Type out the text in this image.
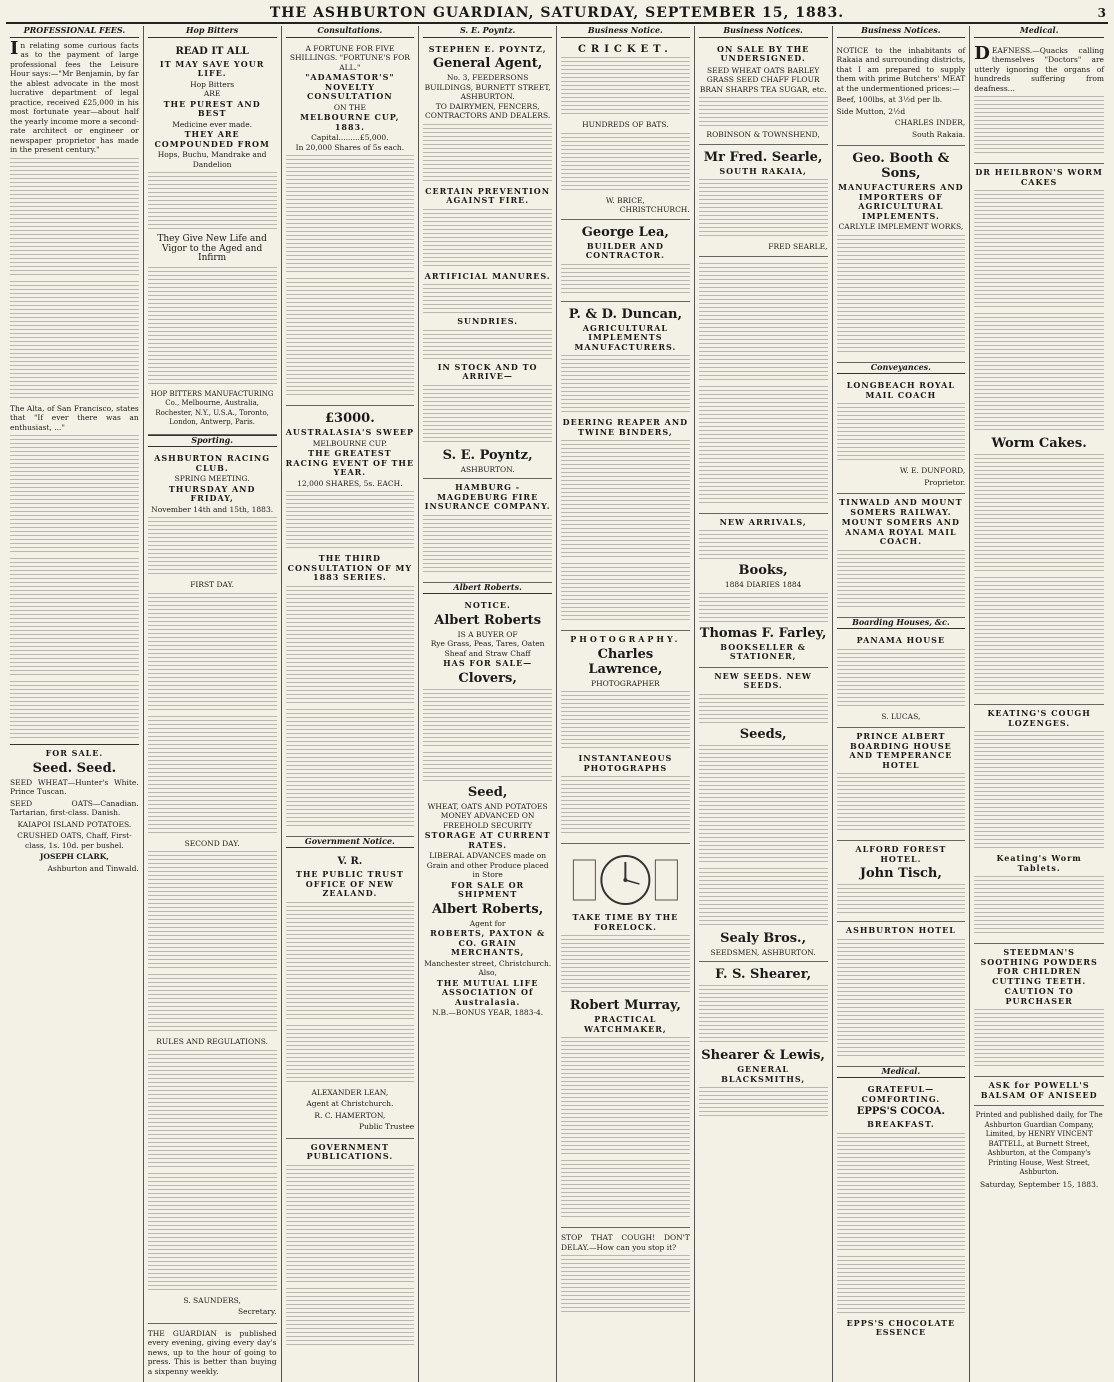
THE ASHBURTON GUARDIAN, SATURDAY, SEPTEMBER 15, 1883.	3
PROFESSIONAL FEES.

In relating some curious facts as to the payment of large professional fees the Leisure Hour says:—"Mr Benjamin, by far the ablest advocate in the most lucrative department of legal practice, received £25,000 in his most fortunate year—about half the yearly income more a second-rate architect or engineer or newspaper proprietor has made in the present century."

The Alta, of San Francisco, states that "If ever there was an enthusiast, ..."

FOR SALE.
Seed. Seed.

SEED WHEAT—Hunter's White. Prince Tuscan.

SEED OATS—Canadian. Tartarian, first-class. Danish.

KAIAPOI ISLAND POTATOES.

CRUSHED OATS, Chaff, First-class, 1s. 10d. per bushel.

JOSEPH CLARK,

Ashburton and Tinwald.

Hop Bitters
READ IT ALL
IT MAY SAVE YOUR LIFE.
Hop Bitters
ARE
THE PUREST AND BEST
Medicine ever made.
THEY ARE COMPOUNDED FROM
Hops, Buchu, Mandrake and Dandelion
They Give New Life and Vigor to the Aged and Infirm

HOP BITTERS MANUFACTURING Co., Melbourne, Australia, Rochester, N.Y., U.S.A., Toronto, London, Antwerp, Paris.

Sporting.
ASHBURTON RACING CLUB.
SPRING MEETING.
THURSDAY AND FRIDAY,
November 14th and 15th, 1883.
FIRST DAY.
SECOND DAY.
RULES AND REGULATIONS.

S. SAUNDERS,

Secretary.

THE GUARDIAN is published every evening, giving every day's news, up to the hour of going to press. This is better than buying a sixpenny weekly.

Consultations.
A FORTUNE FOR FIVE SHILLINGS. "FORTUNE'S FOR ALL."
"ADAMASTOR'S" NOVELTY CONSULTATION
ON THE
MELBOURNE CUP, 1883.
Capital.........£5,000.
In 20,000 Shares of 5s each.
£3000.
AUSTRALASIA'S SWEEP
MELBOURNE CUP.
THE GREATEST RACING EVENT OF THE YEAR.
12,000 SHARES, 5s. EACH.
THE THIRD CONSULTATION OF MY 1883 SERIES.
Government Notice.
V. R.
THE PUBLIC TRUST OFFICE OF NEW ZEALAND.

ALEXANDER LEAN,

Agent at Christchurch.

R. C. HAMERTON,

Public Trustee

GOVERNMENT PUBLICATIONS.
S. E. Poyntz.
STEPHEN E. POYNTZ,
General Agent,
No. 3, FEEDERSONS BUILDINGS, BURNETT STREET, ASHBURTON.
TO DAIRYMEN, FENCERS, CONTRACTORS AND DEALERS.
CERTAIN PREVENTION AGAINST FIRE.
ARTIFICIAL MANURES.
SUNDRIES.
IN STOCK AND TO ARRIVE—
S. E. Poyntz,
ASHBURTON.
HAMBURG - MAGDEBURG FIRE INSURANCE COMPANY.
Albert Roberts.
NOTICE.
Albert Roberts
IS A BUYER OF
Rye Grass, Peas, Tares, Oaten Sheaf and Straw Chaff
HAS FOR SALE—
Clovers,
Seed,
WHEAT, OATS AND POTATOES
MONEY ADVANCED ON FREEHOLD SECURITY
STORAGE AT CURRENT RATES.
LIBERAL ADVANCES made on Grain and other Produce placed in Store
FOR SALE OR SHIPMENT
Albert Roberts,
Agent for
ROBERTS, PAXTON & CO. GRAIN MERCHANTS,
Manchester street, Christchurch.
Also,
THE MUTUAL LIFE ASSOCIATION Of Australasia.
N.B.—BONUS YEAR, 1883-4.
Business Notice.
CRICKET.
HUNDREDS OF BATS.
W. BRICE,
CHRISTCHURCH.
George Lea,
BUILDER AND CONTRACTOR.
P. & D. Duncan,
AGRICULTURAL IMPLEMENTS MANUFACTURERS.
DEERING REAPER AND TWINE BINDERS,
PHOTOGRAPHY.
Charles Lawrence,
PHOTOGRAPHER
INSTANTANEOUS PHOTOGRAPHS
TAKE TIME BY THE FORELOCK.
Robert Murray,
PRACTICAL WATCHMAKER,

STOP THAT COUGH! DON'T DELAY.—How can you stop it?

Business Notices.
ON SALE BY THE UNDERSIGNED.

SEED WHEAT OATS BARLEY GRASS SEED CHAFF FLOUR BRAN SHARPS TEA SUGAR, etc.

ROBINSON & TOWNSHEND,
Mr Fred. Searle,
SOUTH RAKAIA,
FRED SEARLE,
NEW ARRIVALS,
Books,
1884 DIARIES 1884
Thomas F. Farley,
BOOKSELLER & STATIONER,
NEW SEEDS. NEW SEEDS.
Seeds,
Sealy Bros.,
SEEDSMEN, ASHBURTON.
F. S. Shearer,
Shearer & Lewis,
GENERAL BLACKSMITHS,
Business Notices.

NOTICE to the inhabitants of Rakaia and surrounding districts, that I am prepared to supply them with prime Butchers' MEAT at the undermentioned prices:—

Beef, 100lbs, at 3½d per lb.

Side Mutton, 2½d

CHARLES INDER,

South Rakaia.

Geo. Booth & Sons,
MANUFACTURERS AND IMPORTERS OF AGRICULTURAL IMPLEMENTS.
CARLYLE IMPLEMENT WORKS,
Conveyances.
LONGBEACH ROYAL MAIL COACH

W. E. DUNFORD,

Proprietor.

TINWALD AND MOUNT SOMERS RAILWAY.
MOUNT SOMERS AND ANAMA ROYAL MAIL COACH.
Boarding Houses, &c.
PANAMA HOUSE

S. LUCAS,

PRINCE ALBERT BOARDING HOUSE AND TEMPERANCE HOTEL
ALFORD FOREST HOTEL.
John Tisch,
ASHBURTON HOTEL
Medical.
GRATEFUL—COMFORTING.
EPPS'S COCOA.
BREAKFAST.
EPPS'S CHOCOLATE ESSENCE
Medical.

DEAFNESS.—Quacks calling themselves "Doctors" are utterly ignoring the organs of hundreds suffering from deafness...

DR HEILBRON'S WORM CAKES
Worm Cakes.
KEATING'S COUGH LOZENGES.
Keating's Worm Tablets.
STEEDMAN'S SOOTHING POWDERS FOR CHILDREN CUTTING TEETH.
CAUTION TO PURCHASER
ASK for POWELL'S BALSAM OF ANISEED

Printed and published daily, for The Ashburton Guardian Company, Limited, by HENRY VINCENT BATTELL, at Burnett Street, Ashburton, at the Company's Printing House, West Street, Ashburton.

Saturday, September 15, 1883.
